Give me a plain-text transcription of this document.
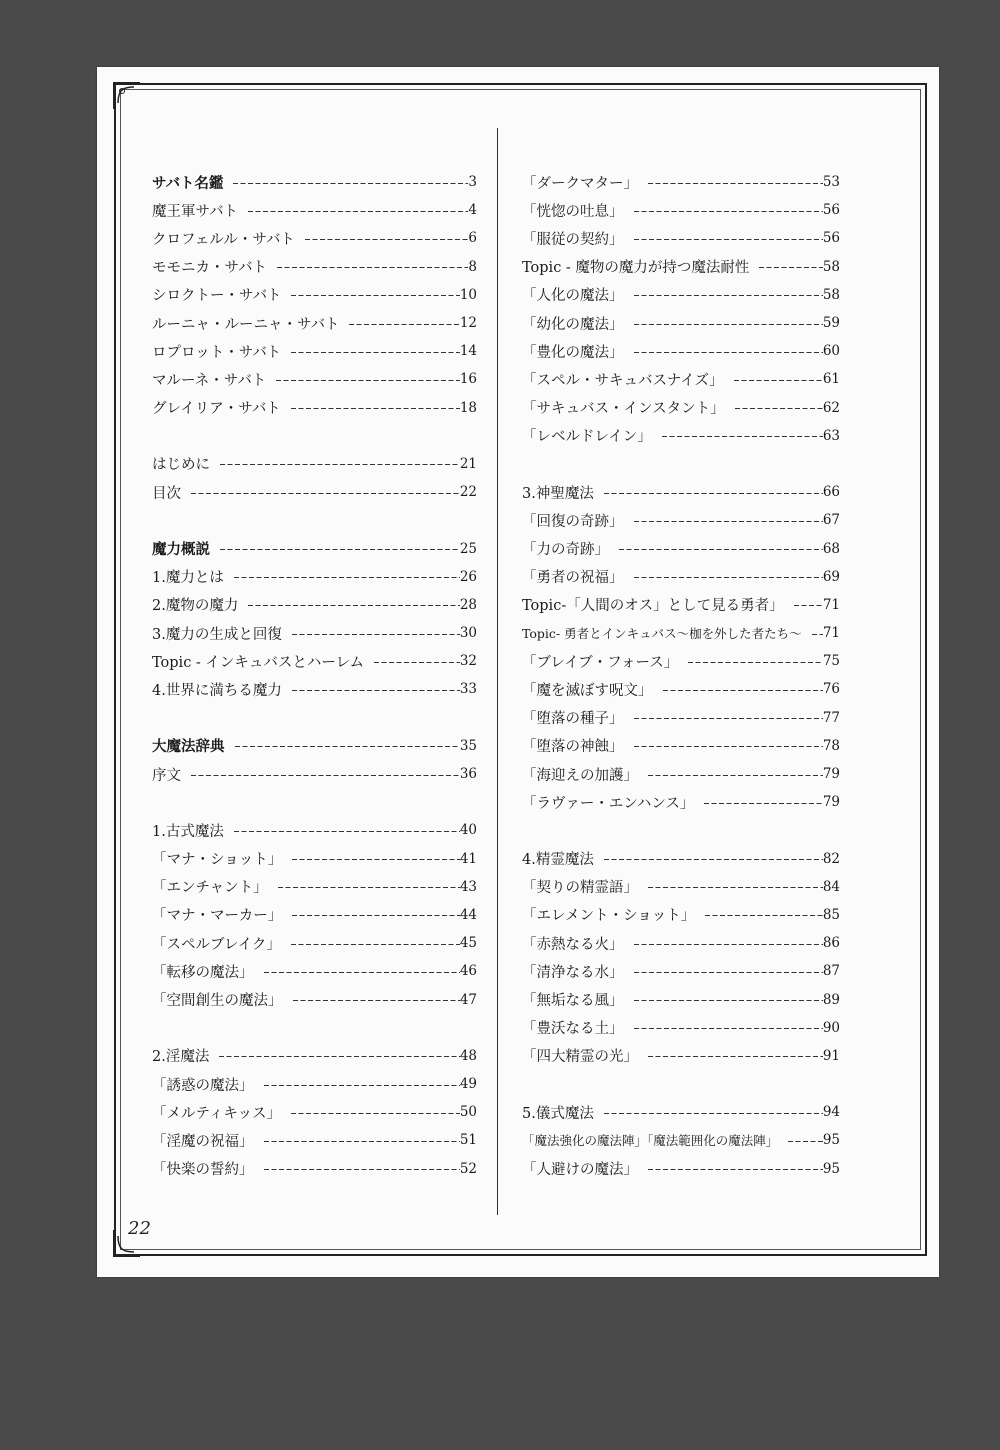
サバト名鑑	3
魔王軍サバト	4
クロフェルル・サバト	6
モモニカ・サバト	8
シロクトー・サバト	10
ルーニャ・ルーニャ・サバト	12
ロプロット・サバト	14
マルーネ・サバト	16
グレイリア・サバト	18
はじめに	21
目次	22
魔力概説	25
1.魔力とは	26
2.魔物の魔力	28
3.魔力の生成と回復	30
Topic - インキュバスとハーレム	32
4.世界に満ちる魔力	33
大魔法辞典	35
序文	36
1.古式魔法	40
「マナ・ショット」	41
「エンチャント」	43
「マナ・マーカー」	44
「スペルブレイク」	45
「転移の魔法」	46
「空間創生の魔法」	47
2.淫魔法	48
「誘惑の魔法」	49
「メルティキッス」	50
「淫魔の祝福」	51
「快楽の誓約」	52
「ダークマター」	53
「恍惚の吐息」	56
「服従の契約」	56
Topic - 魔物の魔力が持つ魔法耐性	58
「人化の魔法」	58
「幼化の魔法」	59
「豊化の魔法」	60
「スペル・サキュバスナイズ」	61
「サキュバス・インスタント」	62
「レベルドレイン」	63
3.神聖魔法	66
「回復の奇跡」	67
「力の奇跡」	68
「勇者の祝福」	69
Topic-「人間のオス」として見る勇者」	71
Topic- 勇者とインキュバス～枷を外した者たち～	71
「ブレイブ・フォース」	75
「魔を滅ぼす呪文」	76
「堕落の種子」	77
「堕落の神蝕」	78
「海迎えの加護」	79
「ラヴァー・エンハンス」	79
4.精霊魔法	82
「契りの精霊語」	84
「エレメント・ショット」	85
「赤熱なる火」	86
「清浄なる水」	87
「無垢なる風」	89
「豊沃なる土」	90
「四大精霊の光」	91
5.儀式魔法	94
「魔法強化の魔法陣」「魔法範囲化の魔法陣」	95
「人避けの魔法」	95
22
